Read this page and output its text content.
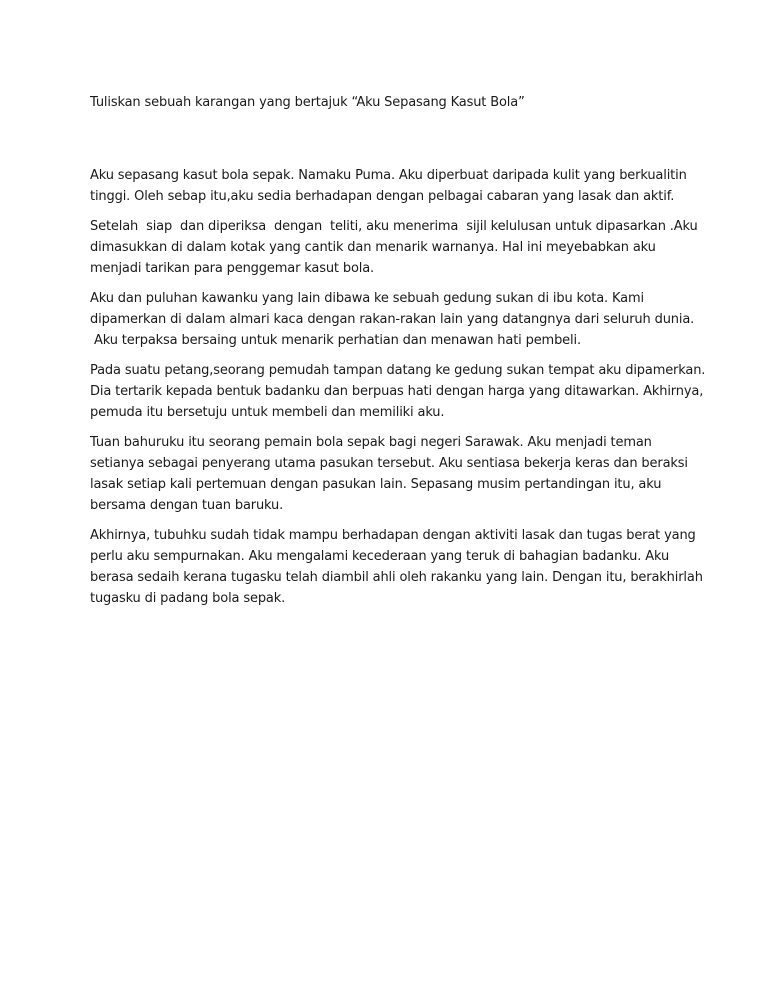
Tuliskan sebuah karangan yang bertajuk “Aku Sepasang Kasut Bola”

Aku sepasang kasut bola sepak. Namaku Puma. Aku diperbuat daripada kulit yang berkualitin
tinggi. Oleh sebap itu,aku sedia berhadapan dengan pelbagai cabaran yang lasak dan aktif.

Setelah  siap  dan diperiksa  dengan  teliti, aku menerima  sijil kelulusan untuk dipasarkan .Aku
dimasukkan di dalam kotak yang cantik dan menarik warnanya. Hal ini meyebabkan aku
menjadi tarikan para penggemar kasut bola.

Aku dan puluhan kawanku yang lain dibawa ke sebuah gedung sukan di ibu kota. Kami
dipamerkan di dalam almari kaca dengan rakan-rakan lain yang datangnya dari seluruh dunia.
Aku terpaksa bersaing untuk menarik perhatian dan menawan hati pembeli.

Pada suatu petang,seorang pemudah tampan datang ke gedung sukan tempat aku dipamerkan.
Dia tertarik kepada bentuk badanku dan berpuas hati dengan harga yang ditawarkan. Akhirnya,
pemuda itu bersetuju untuk membeli dan memiliki aku.

Tuan bahuruku itu seorang pemain bola sepak bagi negeri Sarawak. Aku menjadi teman
setianya sebagai penyerang utama pasukan tersebut. Aku sentiasa bekerja keras dan beraksi
lasak setiap kali pertemuan dengan pasukan lain. Sepasang musim pertandingan itu, aku
bersama dengan tuan baruku.

Akhirnya, tubuhku sudah tidak mampu berhadapan dengan aktiviti lasak dan tugas berat yang
perlu aku sempurnakan. Aku mengalami kecederaan yang teruk di bahagian badanku. Aku
berasa sedaih kerana tugasku telah diambil ahli oleh rakanku yang lain. Dengan itu, berakhirlah
tugasku di padang bola sepak.
